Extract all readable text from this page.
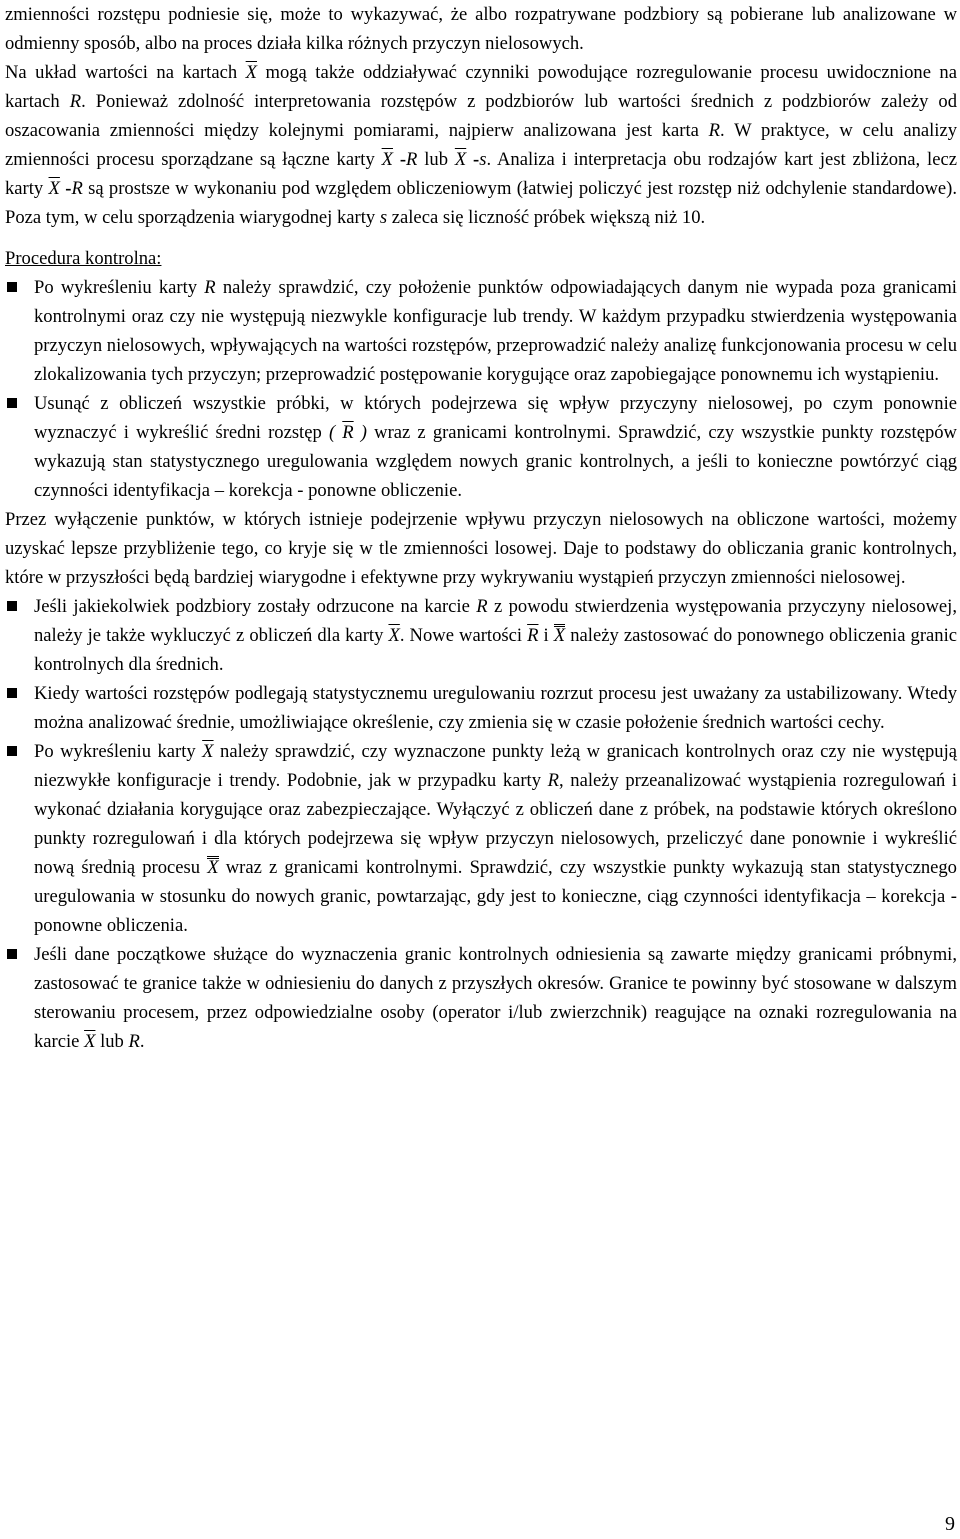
zmienności rozstępu podniesie się, może to wykazywać, że albo rozpatrywane podzbiory są pobierane lub analizowane w odmienny sposób, albo na proces działa kilka różnych przyczyn nielosowych.

Na układ wartości na kartach $\overline{X}$ mogą także oddziaływać czynniki powodujące rozregulowanie procesu uwidocznione na kartach R. Ponieważ zdolność interpretowania rozstępów z podzbiorów lub wartości średnich z podzbiorów zależy od oszacowania zmienności między kolejnymi pomiarami, najpierw analizowana jest karta R. W praktyce, w celu analizy zmienności procesu sporządzane są łączne karty $\overline{X}$ -R lub $\overline{X}$ -s. Analiza i interpretacja obu rodzajów kart jest zbliżona, lecz karty $\overline{X}$ -R są prostsze w wykonaniu pod względem obliczeniowym (łatwiej policzyć jest rozstęp niż odchylenie standardowe). Poza tym, w celu sporządzenia wiarygodnej karty s zaleca się liczność próbek większą niż 10.

Procedura kontrolna:

Po wykreśleniu karty R należy sprawdzić, czy położenie punktów odpowiadających danym nie wypada poza granicami kontrolnymi oraz czy nie występują niezwykle konfiguracje lub trendy. W każdym przypadku stwierdzenia występowania przyczyn nielosowych, wpływających na wartości rozstępów, przeprowadzić należy analizę funkcjonowania procesu w celu zlokalizowania tych przyczyn; przeprowadzić postępowanie korygujące oraz zapobiegające ponownemu ich wystąpieniu.
Usunąć z obliczeń wszystkie próbki, w których podejrzewa się wpływ przyczyny nielosowej, po czym ponownie wyznaczyć i wykreślić średni rozstęp ( $\overline{R}$ ) wraz z granicami kontrolnymi. Sprawdzić, czy wszystkie punkty rozstępów wykazują stan statystycznego uregulowania względem nowych granic kontrolnych, a jeśli to konieczne powtórzyć ciąg czynności identyfikacja – korekcja - ponowne obliczenie.

Przez wyłączenie punktów, w których istnieje podejrzenie wpływu przyczyn nielosowych na obliczone wartości, możemy uzyskać lepsze przybliżenie tego, co kryje się w tle zmienności losowej. Daje to podstawy do obliczania granic kontrolnych, które w przyszłości będą bardziej wiarygodne i efektywne przy wykrywaniu wystąpień przyczyn zmienności nielosowej.

Jeśli jakiekolwiek podzbiory zostały odrzucone na karcie R z powodu stwierdzenia występowania przyczyny nielosowej, należy je także wykluczyć z obliczeń dla karty $\overline{X}$. Nowe wartości $\overline{R}$ i X należy zastosować do ponownego obliczenia granic kontrolnych dla średnich.
Kiedy wartości rozstępów podlegają statystycznemu uregulowaniu rozrzut procesu jest uważany za ustabilizowany. Wtedy można analizować średnie, umożliwiające określenie, czy zmienia się w czasie położenie średnich wartości cechy.
Po wykreśleniu karty $\overline{X}$ należy sprawdzić, czy wyznaczone punkty leżą w granicach kontrolnych oraz czy nie występują niezwykłe konfiguracje i trendy. Podobnie, jak w przypadku karty R, należy przeanalizować wystąpienia rozregulowań i wykonać działania korygujące oraz zabezpieczające. Wyłączyć z obliczeń dane z próbek, na podstawie których określono punkty rozregulowań i dla których podejrzewa się wpływ przyczyn nielosowych, przeliczyć dane ponownie i wykreślić nową średnią procesu X wraz z granicami kontrolnymi. Sprawdzić, czy wszystkie punkty wykazują stan statystycznego uregulowania w stosunku do nowych granic, powtarzając, gdy jest to konieczne, ciąg czynności identyfikacja – korekcja -ponowne obliczenia.
Jeśli dane początkowe służące do wyznaczenia granic kontrolnych odniesienia są zawarte między granicami próbnymi, zastosować te granice także w odniesieniu do danych z przyszłych okresów. Granice te powinny być stosowane w dalszym sterowaniu procesem, przez odpowiedzialne osoby (operator i/lub zwierzchnik) reagujące na oznaki rozregulowania na karcie $\overline{X}$ lub R.
9
